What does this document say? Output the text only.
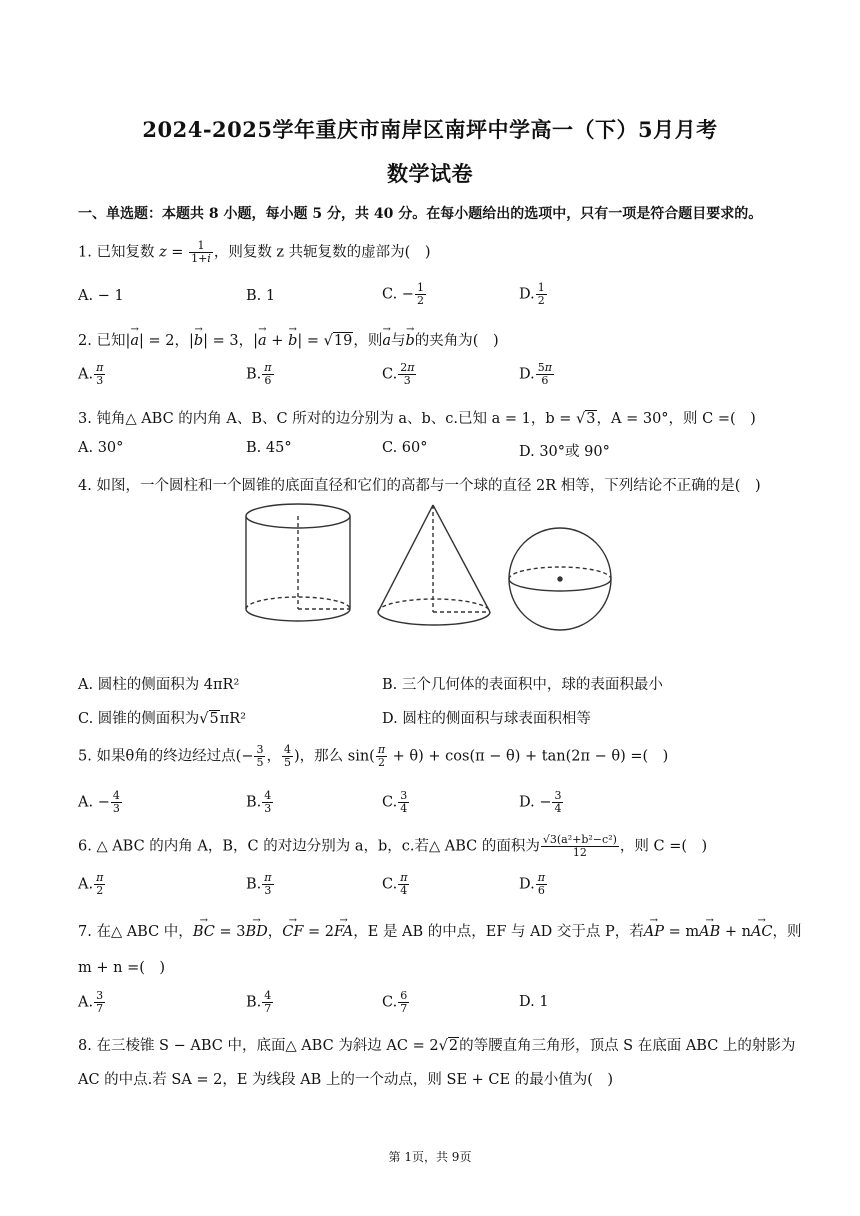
2024-2025学年重庆市南岸区南坪中学高一（下）5月月考
数学试卷
一、单选题：本题共 8 小题，每小题 5 分，共 40 分。在每小题给出的选项中，只有一项是符合题目要求的。
1. 已知复数 $z = \frac{1}{1+i}$ ，则复数 z 共轭复数的虚部为(　)
A. − 1	B. 1	C. − $\frac{1}{2}$	D. $\frac{1}{2}$
2. 已知|→ a| = 2，|→ b| = 3，|→ a + → b| = √19，则→ a与→ b的夹角为(　)
A. $\frac{\pi}{3}$	B. $\frac{\pi}{6}$	C. $\frac{2\pi}{3}$	D. $\frac{5\pi}{6}$
3. 钝角△ ABC 的内角 A、B、C 所对的边分别为 a、b、c.已知 a = 1，b = √3，A = 30°，则 C =(　)
A. 30°	B. 45°	C. 60°	D. 30°或 90°
4. 如图，一个圆柱和一个圆锥的底面直径和它们的高都与一个球的直径 2R 相等，下列结论不正确的是(　)
A. 圆柱的侧面积为 4πR²	B. 三个几何体的表面积中，球的表面积最小
C. 圆锥的侧面积为√5πR²	D. 圆柱的侧面积与球表面积相等
5. 如果θ角的终边经过点(− $\frac{3}{5}$ ， $\frac{4}{5}$ )，那么 $\sin( \frac{\pi}{2} + \theta) + \cos(\pi - \theta) + \tan(2\pi - \theta)$ =(　)
A. − $\frac{4}{3}$	B. $\frac{4}{3}$	C. $\frac{3}{4}$	D. − $\frac{3}{4}$
6. △ ABC 的内角 A，B，C 的对边分别为 a，b，c.若△ ABC 的面积为 $\frac{\text{√3(a²+b²−c²)}}{12}$ ，则 C =(　)
A. $\frac{\pi}{2}$	B. $\frac{\pi}{3}$	C. $\frac{\pi}{4}$	D. $\frac{\pi}{6}$
7. 在△ ABC 中，→ BC = 3→ BD，→ CF = 2→ FA，E 是 AB 的中点，EF 与 AD 交于点 P，若→ AP = m→ AB + n→ AC，则
m + n =(　)
A. $\frac{3}{7}$	B. $\frac{4}{7}$	C. $\frac{6}{7}$	D. 1
8. 在三棱锥 S − ABC 中，底面△ ABC 为斜边 AC = 2√2的等腰直角三角形，顶点 S 在底面 ABC 上的射影为
AC 的中点.若 SA = 2，E 为线段 AB 上的一个动点，则 SE + CE 的最小值为(　)
第 1页，共 9页
